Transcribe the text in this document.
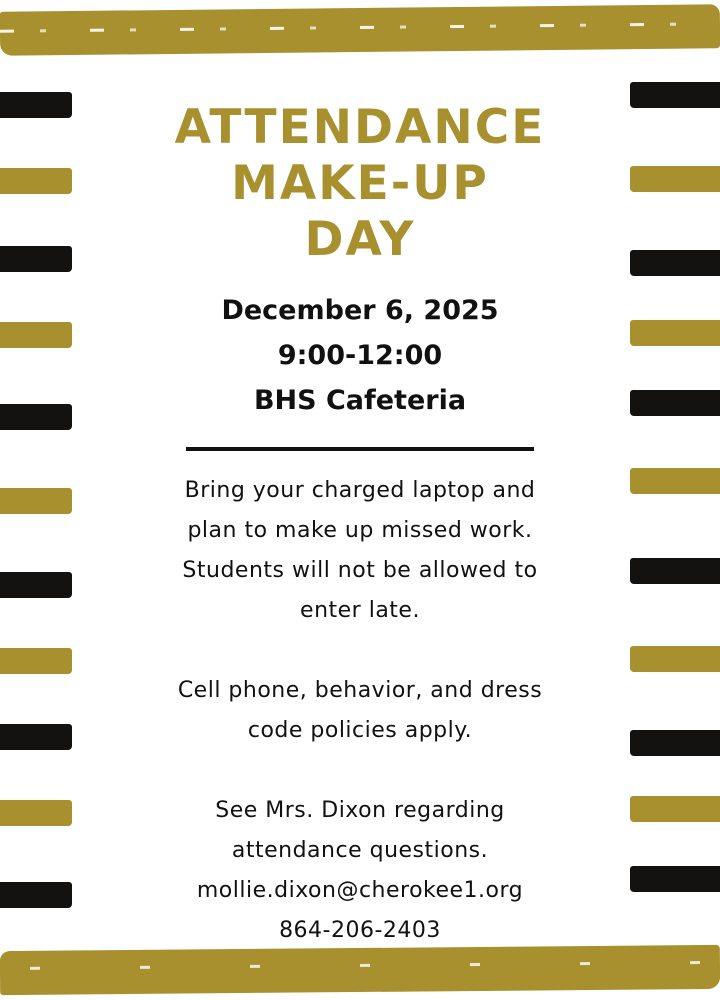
ATTENDANCE
MAKE-UP
DAY
December 6, 2025
9:00-12:00
BHS Cafeteria
Bring your charged laptop and
plan to make up missed work.
Students will not be allowed to
enter late.
Cell phone, behavior, and dress
code policies apply.
See Mrs. Dixon regarding
attendance questions.
mollie.dixon@cherokee1.org
864-206-2403
